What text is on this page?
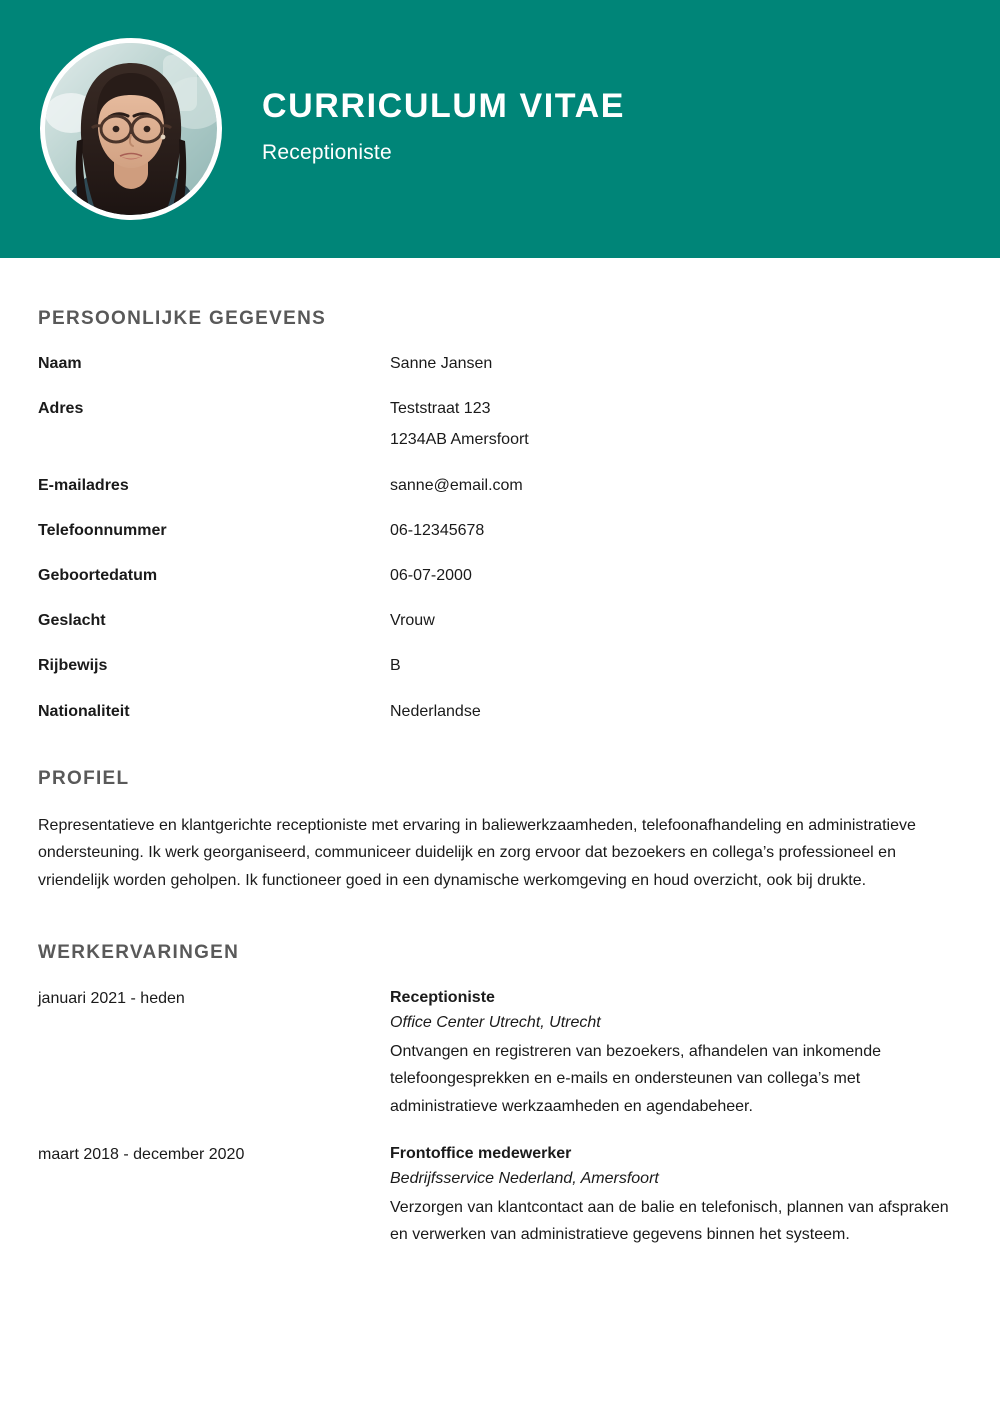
CURRICULUM VITAE
Receptioniste
PERSOONLIJKE GEGEVENS
Naam	Sanne Jansen
Adres	Teststraat 123
1234AB Amersfoort
E-mailadres	sanne@email.com
Telefoonnummer	06-12345678
Geboortedatum	06-07-2000
Geslacht	Vrouw
Rijbewijs	B
Nationaliteit	Nederlandse
PROFIEL

Representatieve en klantgerichte receptioniste met ervaring in baliewerkzaamheden, telefoonafhandeling en administratieve ondersteuning. Ik werk georganiseerd, communiceer duidelijk en zorg ervoor dat bezoekers en collega’s professioneel en vriendelijk worden geholpen. Ik functioneer goed in een dynamische werkomgeving en houd overzicht, ook bij drukte.

WERKERVARINGEN
januari 2021 - heden	Receptioniste
Office Center Utrecht, Utrecht
Ontvangen en registreren van bezoekers, afhandelen van inkomende telefoongesprekken en e-mails en ondersteunen van collega’s met administratieve werkzaamheden en agendabeheer.
maart 2018 - december 2020	Frontoffice medewerker
Bedrijfsservice Nederland, Amersfoort
Verzorgen van klantcontact aan de balie en telefonisch, plannen van afspraken en verwerken van administratieve gegevens binnen het systeem.
